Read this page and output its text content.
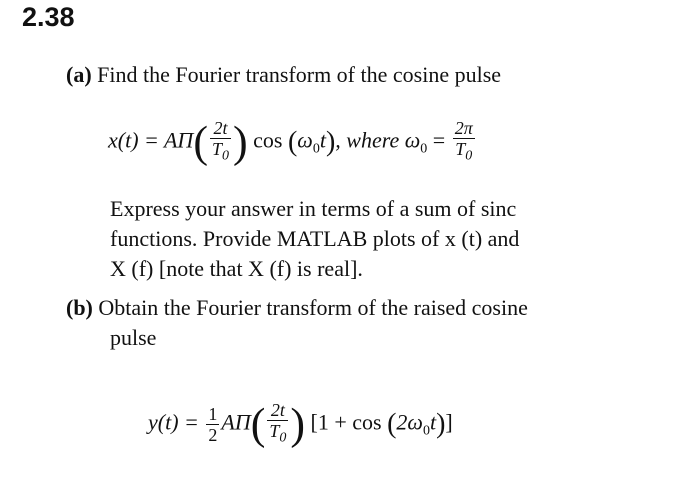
2.38
(a) Find the Fourier transform of the cosine pulse
$x(t) = A\Pi( \frac{2t}{T_0}$ ) $\cos (\omega_0t)$, where $\omega_0 = \frac{2\pi}{T_0}$
Express your answer in terms of a sum of sinc
functions. Provide MATLAB plots of x (t) and
X (f) [note that X (f) is real].
(b) Obtain the Fourier transform of the raised cosine
pulse
$y(t) = \frac{1}{2} A\Pi( \frac{2t}{T_0}$ ) $[1 + \cos (2\omega_0t)]$
